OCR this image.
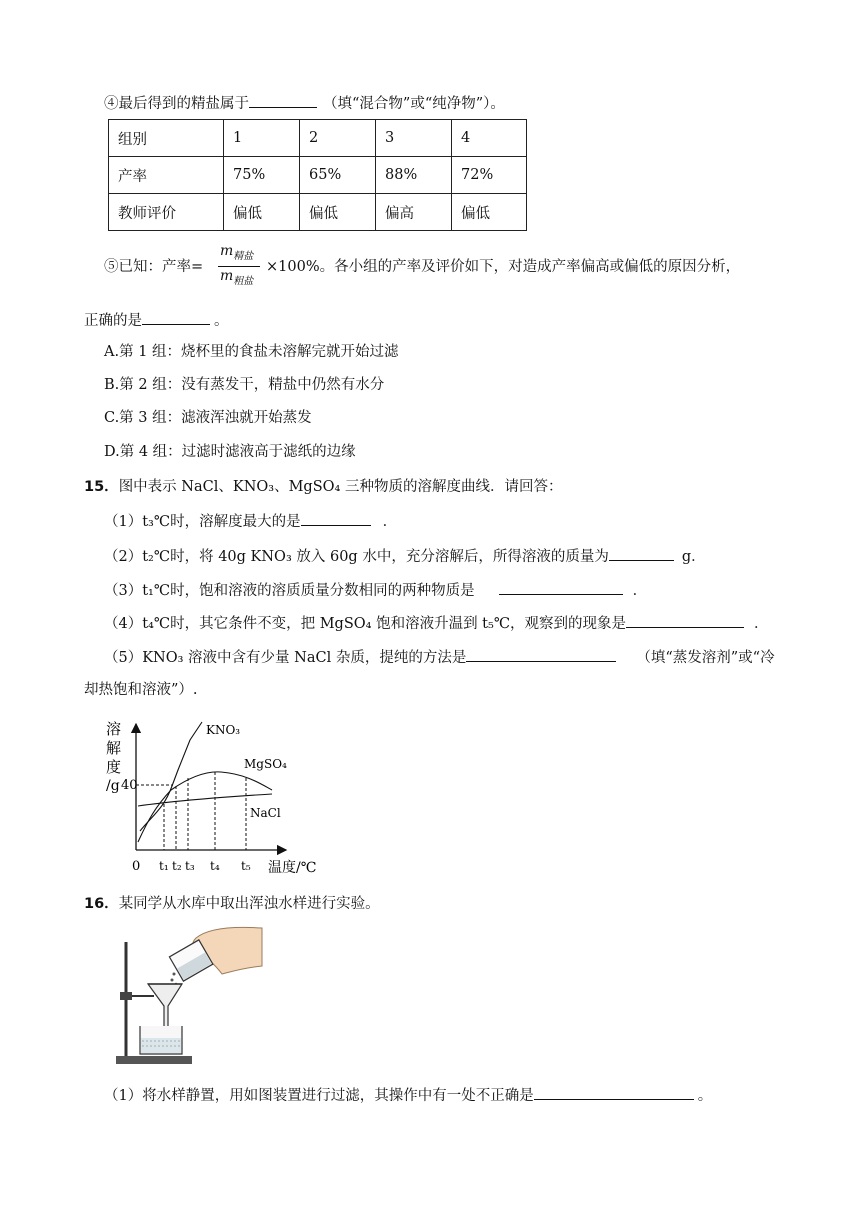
④最后得到的精盐属于	（填“混合物”或“纯净物”）。
组别	1	2	3	4
产率	75%	65%	88%	72%
教师评价	偏低	偏低	偏高	偏低
⑤已知：产率=
$m_{精盐}$
$m_{粗盐}$
×100%。各小组的产率及评价如下，对造成产率偏高或偏低的原因分析，
正确的是	。
A.第 1 组：烧杯里的食盐未溶解完就开始过滤
B.第 2 组：没有蒸发干，精盐中仍然有水分
C.第 3 组：滤液浑浊就开始蒸发
D.第 4 组：过滤时滤液高于滤纸的边缘
15．图中表示 NaCl、KNO₃、MgSO₄ 三种物质的溶解度曲线．请回答：
（1）t₃℃时，溶解度最大的是	．
（2）t₂℃时，将 40g KNO₃ 放入 60g 水中，充分溶解后，所得溶液的质量为	g．
（3）t₁℃时，饱和溶液的溶质质量分数相同的两种物质是	．
（4）t₄℃时，其它条件不变，把 MgSO₄ 饱和溶液升温到 t₅℃，观察到的现象是	．
（5）KNO₃ 溶液中含有少量 NaCl 杂质，提纯的方法是	（填“蒸发溶剂”或“冷
却热饱和溶液”）.
溶
解
度
/g 40
KNO₃
MgSO₄
NaCl
0 t₁ t₂ t₃ t₄ t₅ 温度/℃
16．某同学从水库中取出浑浊水样进行实验。
（1）将水样静置，用如图装置进行过滤，其操作中有一处不正确是	。
